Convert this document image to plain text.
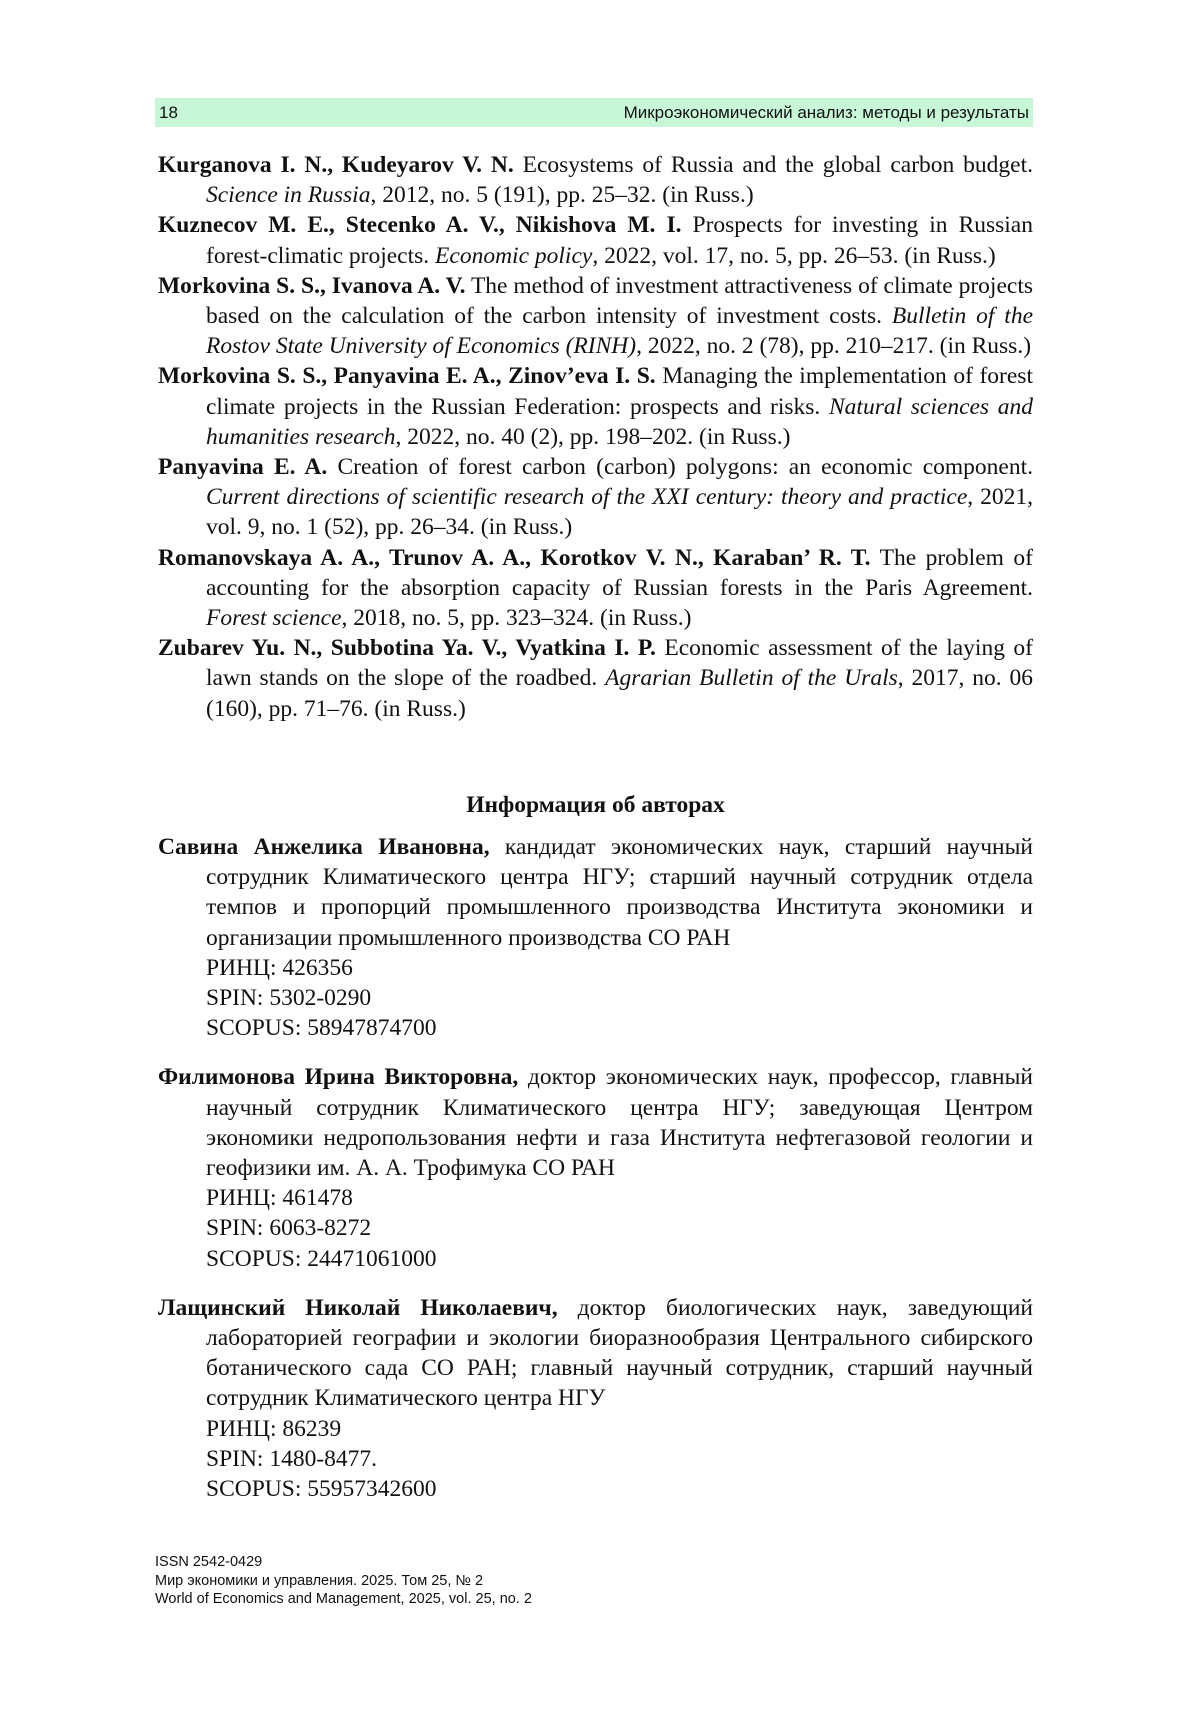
18	Микроэкономический анализ: методы и результаты

Kurganova I. N., Kudeyarov V. N. Ecosystems of Russia and the global carbon budget. Science in Russia, 2012, no. 5 (191), pp. 25–32. (in Russ.)

Kuznecov M. E., Stecenko A. V., Nikishova M. I. Prospects for investing in Russian forest-climatic projects. Economic policy, 2022, vol. 17, no. 5, pp. 26–53. (in Russ.)

Morkovina S. S., Ivanova A. V. The method of investment attractiveness of climate projects based on the calculation of the carbon intensity of investment costs. Bulletin of the Rostov State University of Economics (RINH), 2022, no. 2 (78), pp. 210–217. (in Russ.)

Morkovina S. S., Panyavina E. A., Zinov’eva I. S. Managing the implementation of forest climate projects in the Russian Federation: prospects and risks. Natural sciences and humanities research, 2022, no. 40 (2), pp. 198–202. (in Russ.)

Panyavina E. A. Creation of forest carbon (carbon) polygons: an economic component. Current directions of scientific research of the XXI century: theory and practice, 2021, vol. 9, no. 1 (52), pp. 26–34. (in Russ.)

Romanovskaya A. A., Trunov A. A., Korotkov V. N., Karaban’ R. T. The problem of accounting for the absorption capacity of Russian forests in the Paris Agreement. Forest science, 2018, no. 5, pp. 323–324. (in Russ.)

Zubarev Yu. N., Subbotina Ya. V., Vyatkina I. P. Economic assessment of the laying of lawn stands on the slope of the roadbed. Agrarian Bulletin of the Urals, 2017, no. 06 (160), pp. 71–76. (in Russ.)

Информация об авторах

Савина Анжелика Ивановна, кандидат экономических наук, старший научный сотрудник Климатического центра НГУ; старший научный сотрудник отдела темпов и пропорций промышленного производства Института экономики и организации промышленного производства СО РАН
РИНЦ: 426356
SPIN: 5302-0290
SCOPUS: 58947874700

Филимонова Ирина Викторовна, доктор экономических наук, профессор, главный научный сотрудник Климатического центра НГУ; заведующая Центром экономики недропользования нефти и газа Института нефтегазовой геологии и геофизики им. А. А. Трофимука СО РАН
РИНЦ: 461478
SPIN: 6063-8272
SCOPUS: 24471061000

Лащинский Николай Николаевич, доктор биологических наук, заведующий лабораторией географии и экологии биоразнообразия Центрального сибирского ботанического сада СО РАН; главный научный сотрудник, старший научный сотрудник Климатического центра НГУ
РИНЦ: 86239
SPIN: 1480-8477.
SCOPUS: 55957342600

ISSN 2542-0429
Мир экономики и управления. 2025. Том 25, № 2
World of Economics and Management, 2025, vol. 25, no. 2
